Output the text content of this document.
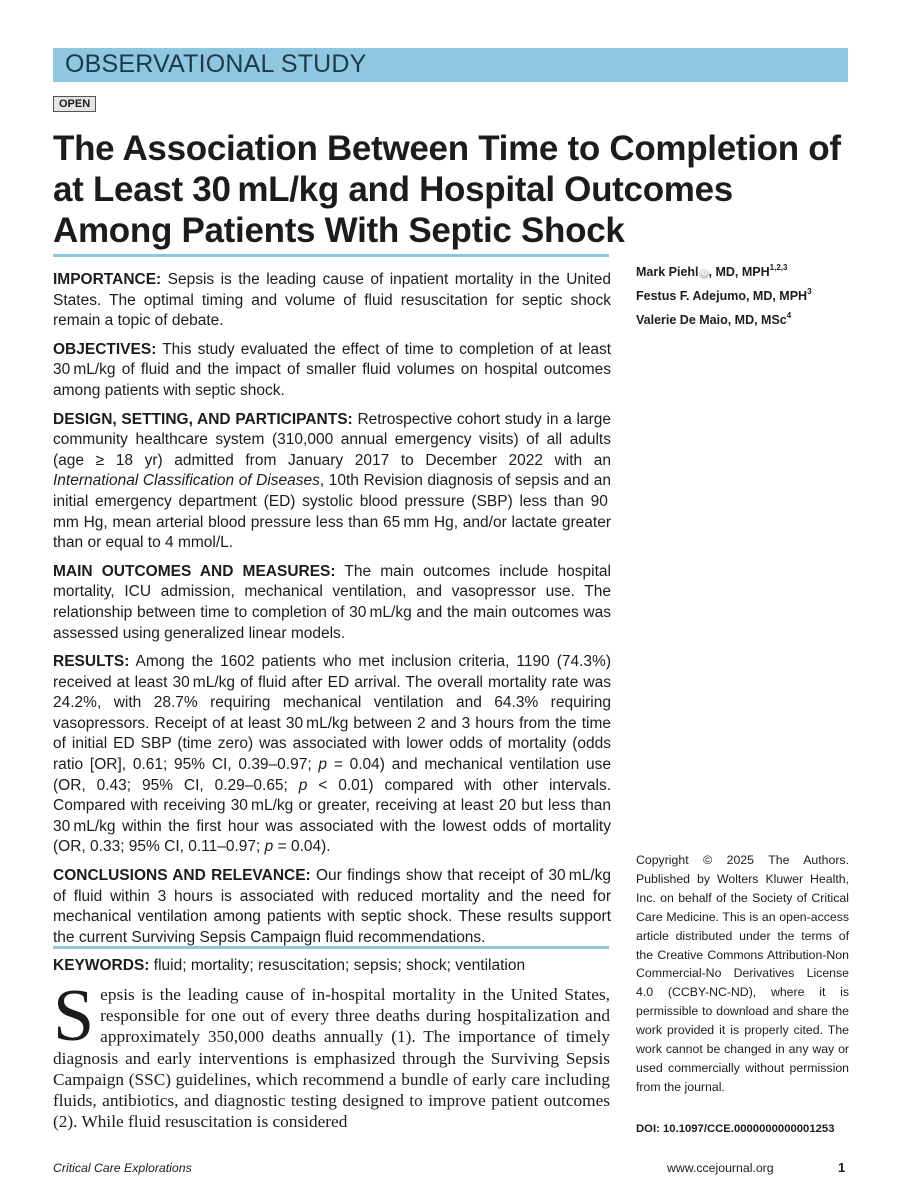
OBSERVATIONAL STUDY
OPEN
The Association Between Time to Completion of at Least 30 mL/kg and Hospital Outcomes Among Patients With Septic Shock

IMPORTANCE: Sepsis is the leading cause of inpatient mortality in the United States. The optimal timing and volume of fluid resuscitation for septic shock remain a topic of debate.

OBJECTIVES: This study evaluated the effect of time to completion of at least 30 mL/kg of fluid and the impact of smaller fluid volumes on hospital outcomes among patients with septic shock.

DESIGN, SETTING, AND PARTICIPANTS: Retrospective cohort study in a large community healthcare system (310,000 annual emergency visits) of all adults (age ≥ 18 yr) admitted from January 2017 to December 2022 with an International Classification of Diseases, 10th Revision diagnosis of sepsis and an initial emergency department (ED) systolic blood pressure (SBP) less than 90 mm Hg, mean arterial blood pressure less than 65 mm Hg, and/or lactate greater than or equal to 4 mmol/L.

MAIN OUTCOMES AND MEASURES: The main outcomes include hospital mortality, ICU admission, mechanical ventilation, and vasopressor use. The relationship between time to completion of 30 mL/kg and the main outcomes was assessed using generalized linear models.

RESULTS: Among the 1602 patients who met inclusion criteria, 1190 (74.3%) received at least 30 mL/kg of fluid after ED arrival. The overall mortality rate was 24.2%, with 28.7% requiring mechanical ventilation and 64.3% requiring vasopressors. Receipt of at least 30 mL/kg between 2 and 3 hours from the time of initial ED SBP (time zero) was associated with lower odds of mortality (odds ratio [OR], 0.61; 95% CI, 0.39–0.97; p = 0.04) and mechanical ventilation use (OR, 0.43; 95% CI, 0.29–0.65; p < 0.01) compared with other intervals. Compared with receiving 30 mL/kg or greater, receiving at least 20 but less than 30 mL/kg within the first hour was associated with the lowest odds of mortality (OR, 0.33; 95% CI, 0.11–0.97; p = 0.04).

CONCLUSIONS AND RELEVANCE: Our findings show that receipt of 30 mL/kg of fluid within 3 hours is associated with reduced mortality and the need for mechanical ventilation among patients with septic shock. These results support the current Surviving Sepsis Campaign fluid recommendations.

KEYWORDS: fluid; mortality; resuscitation; sepsis; shock; ventilation

Mark Piehl iD , MD, MPH$^{1,2,3}$
Festus F. Adejumo, MD, MPH$^3$
Valerie De Maio, MD, MSc$^4$
Copyright © 2025 The Authors. Published by Wolters Kluwer Health, Inc. on behalf of the Society of Critical Care Medicine. This is an open-access article distributed under the terms of the Creative Commons Attribution-Non Commercial-No Derivatives License 4.0 (CCBY-NC-ND), where it is permissible to download and share the work provided it is properly cited. The work cannot be changed in any way or used commercially without permission from the journal.
DOI: 10.1097/CCE.0000000000001253

Sepsis is the leading cause of in-hospital mortality in the United States, responsible for one out of every three deaths during hospitalization and approximately 350,000 deaths annually (1). The importance of timely diagnosis and early interventions is emphasized through the Surviving Sepsis Campaign (SSC) guidelines, which recommend a bundle of early care including fluids, antibiotics, and diagnostic testing designed to improve patient outcomes (2). While fluid resuscitation is considered

Critical Care Explorations	www.ccejournal.org	1
